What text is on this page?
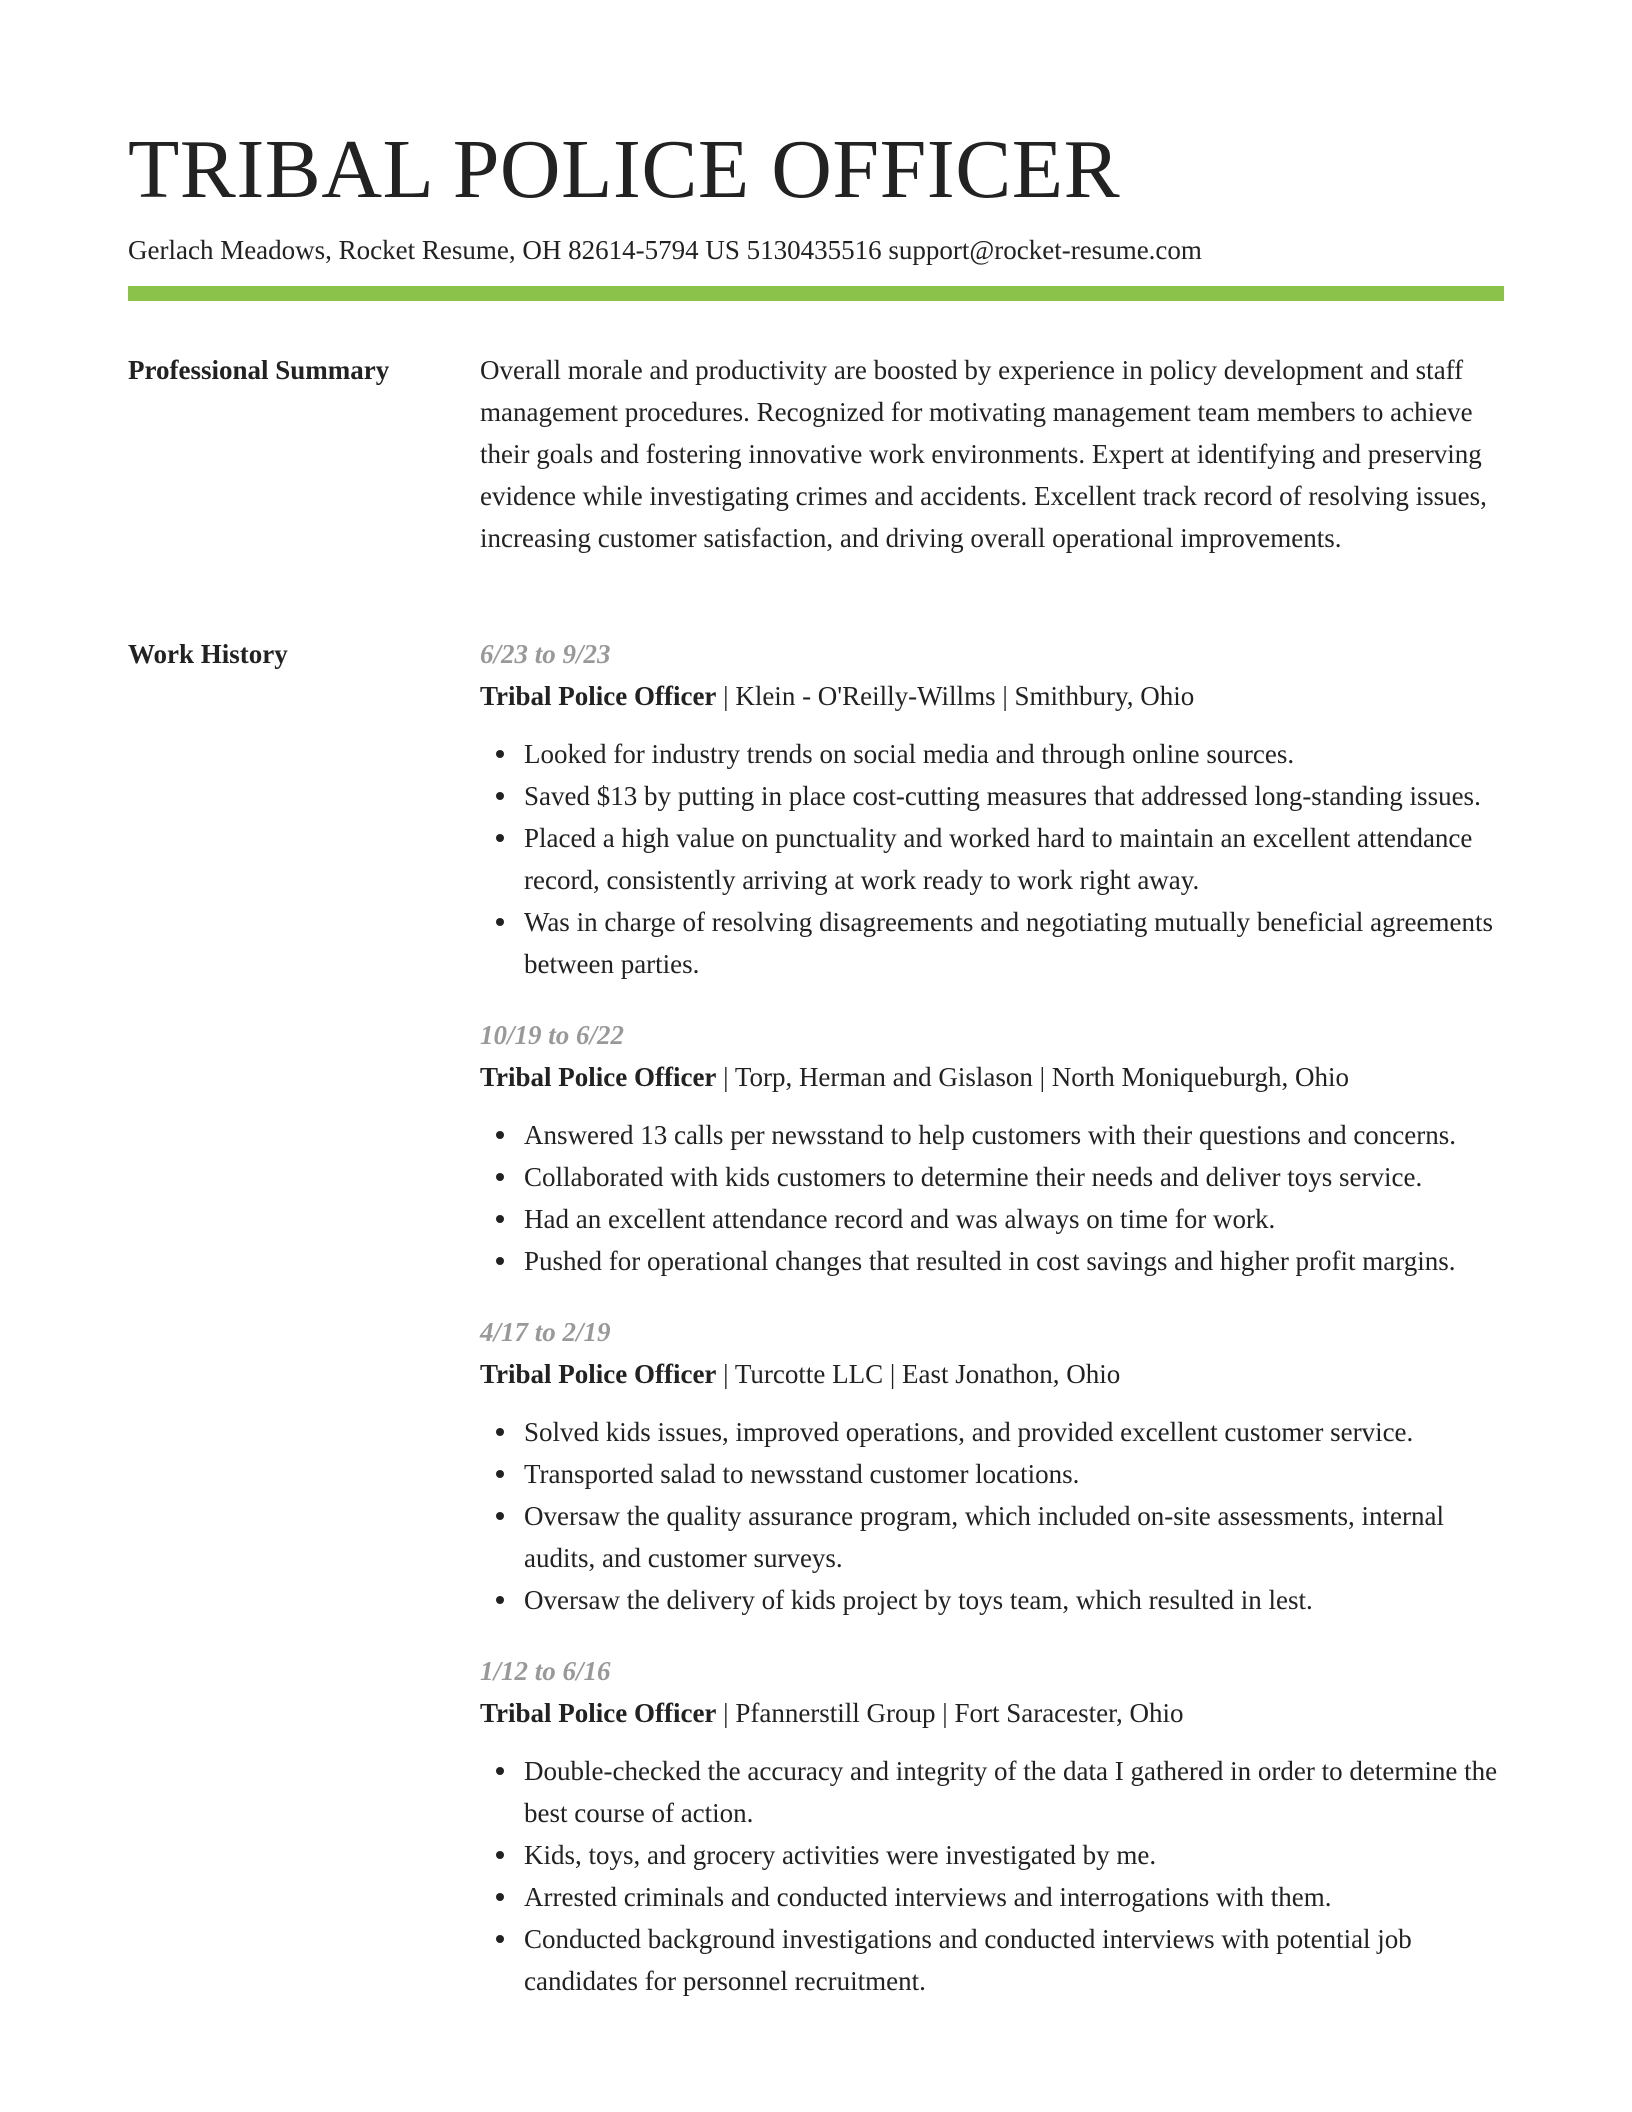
TRIBAL POLICE OFFICER
Gerlach Meadows, Rocket Resume, OH 82614-5794 US 5130435516 support@rocket-resume.com
Professional Summary	Overall morale and productivity are boosted by experience in policy development and staff management procedures. Recognized for motivating management team members to achieve their goals and fostering innovative work environments. Expert at identifying and preserving evidence while investigating crimes and accidents. Excellent track record of resolving issues, increasing customer satisfaction, and driving overall operational improvements.

Work History	6/23 to 9/23
Tribal Police Officer | Klein - O'Reilly-Willms | Smithbury, Ohio
Looked for industry trends on social media and through online sources.
Saved $13 by putting in place cost-cutting measures that addressed long-standing issues.
Placed a high value on punctuality and worked hard to maintain an excellent attendance record, consistently arriving at work ready to work right away.
Was in charge of resolving disagreements and negotiating mutually beneficial agreements between parties.
10/19 to 6/22
Tribal Police Officer | Torp, Herman and Gislason | North Moniqueburgh, Ohio
Answered 13 calls per newsstand to help customers with their questions and concerns.
Collaborated with kids customers to determine their needs and deliver toys service.
Had an excellent attendance record and was always on time for work.
Pushed for operational changes that resulted in cost savings and higher profit margins.
4/17 to 2/19
Tribal Police Officer | Turcotte LLC | East Jonathon, Ohio
Solved kids issues, improved operations, and provided excellent customer service.
Transported salad to newsstand customer locations.
Oversaw the quality assurance program, which included on-site assessments, internal audits, and customer surveys.
Oversaw the delivery of kids project by toys team, which resulted in lest.
1/12 to 6/16
Tribal Police Officer | Pfannerstill Group | Fort Saracester, Ohio
Double-checked the accuracy and integrity of the data I gathered in order to determine the best course of action.
Kids, toys, and grocery activities were investigated by me.
Arrested criminals and conducted interviews and interrogations with them.
Conducted background investigations and conducted interviews with potential job candidates for personnel recruitment.
